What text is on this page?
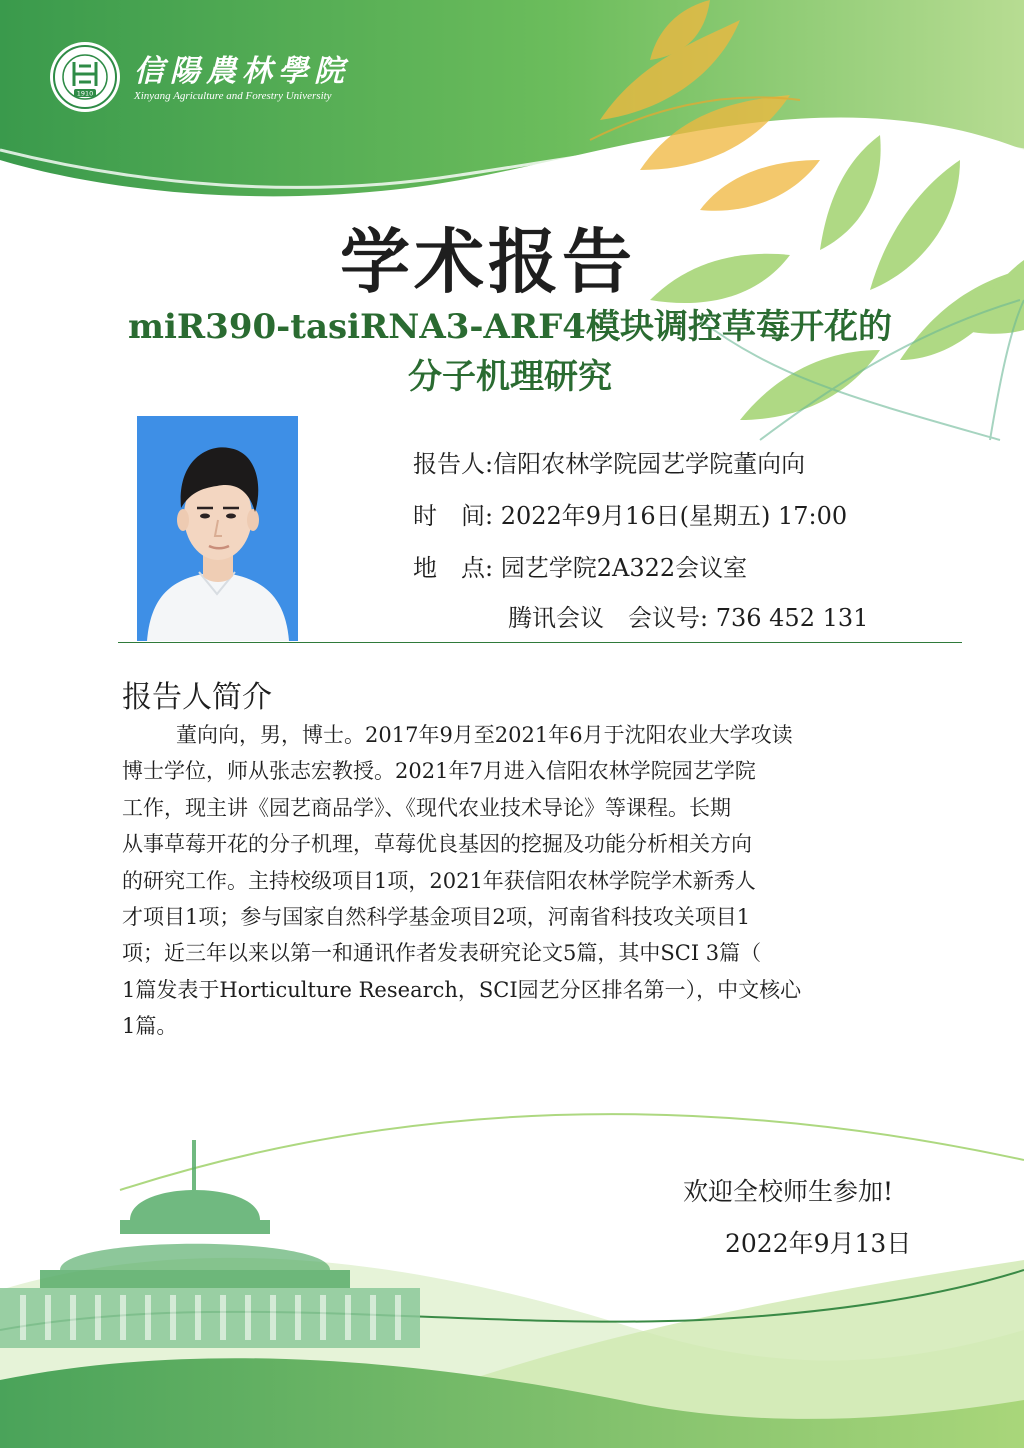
1910
信陽農林學院
Xinyang Agriculture and Forestry University
学术报告
miR390-tasiRNA3-ARF4模块调控草莓开花的
分子机理研究
报告人:信阳农林学院园艺学院董向向
时　间: 2022年9月16日(星期五) 17:00
地　点: 园艺学院2A322会议室
腾讯会议　会议号: 736 452 131
报告人简介
董向向，男，博士。2017年9月至2021年6月于沈阳农业大学攻读
博士学位，师从张志宏教授。2021年7月进入信阳农林学院园艺学院
工作，现主讲《园艺商品学》、《现代农业技术导论》等课程。长期
从事草莓开花的分子机理，草莓优良基因的挖掘及功能分析相关方向
的研究工作。主持校级项目1项，2021年获信阳农林学院学术新秀人
才项目1项；参与国家自然科学基金项目2项，河南省科技攻关项目1
项；近三年以来以第一和通讯作者发表研究论文5篇，其中SCI 3篇（
1篇发表于Horticulture Research，SCI园艺分区排名第一），中文核心
1篇。
欢迎全校师生参加!
2022年9月13日
